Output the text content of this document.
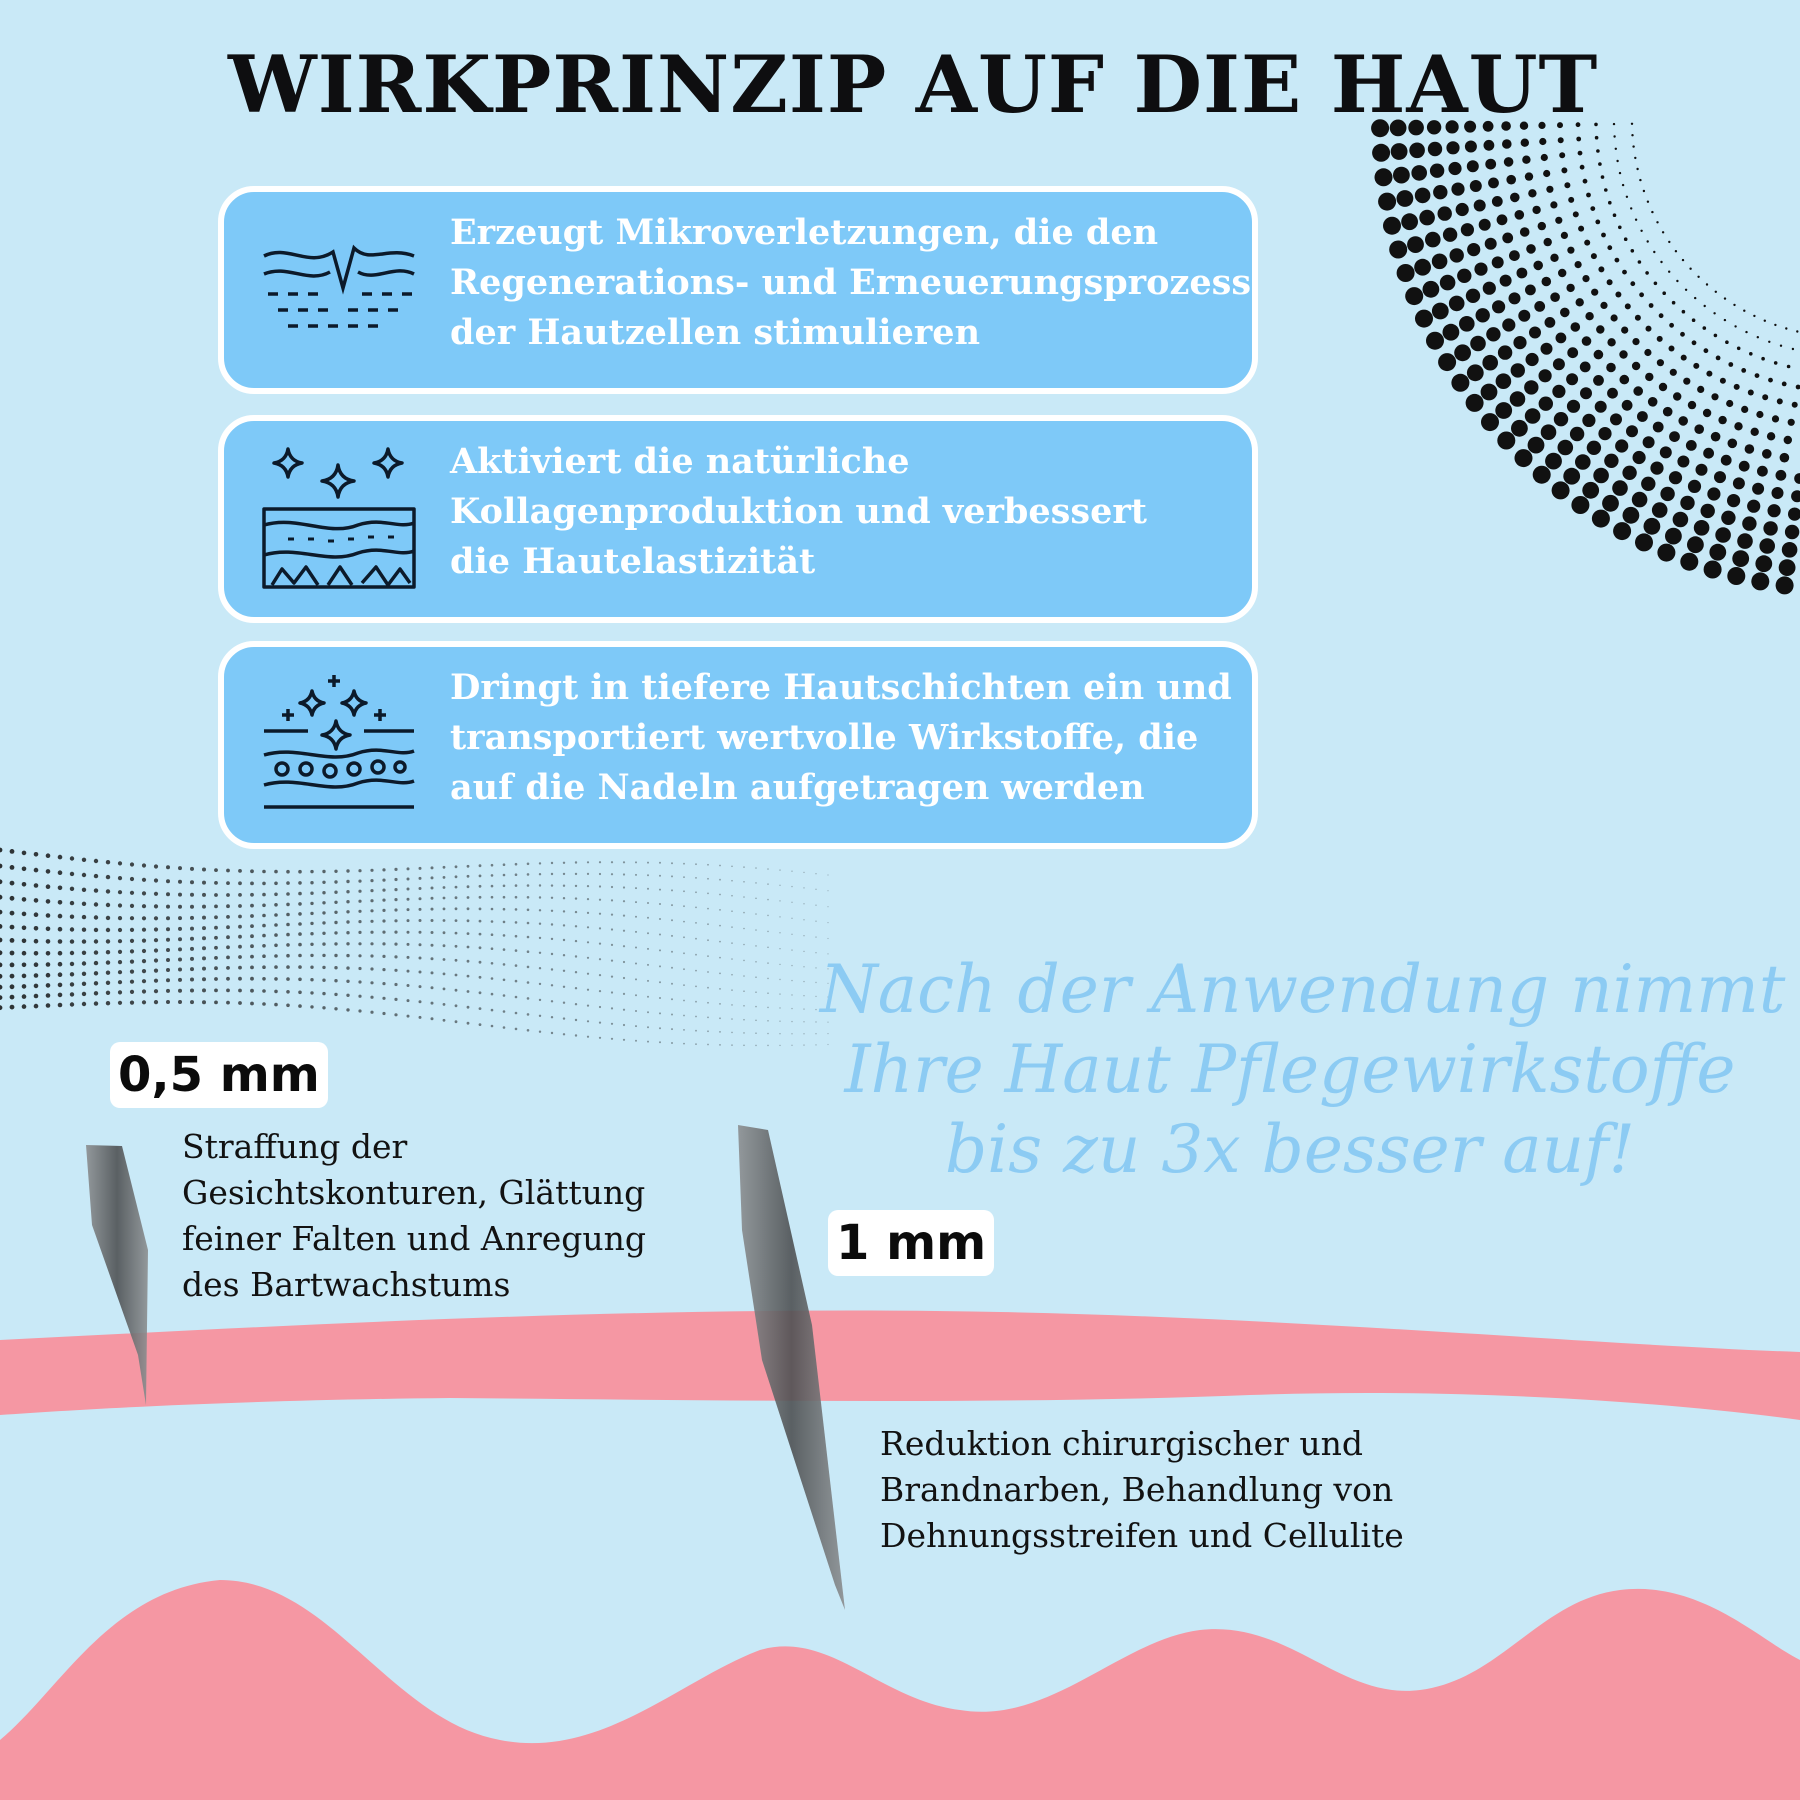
WIRKPRINZIP AUF DIE HAUT

Erzeugt Mikroverletzungen, die den
Regenerations- und Erneuerungsprozess
der Hautzellen stimulieren

Aktiviert die natürliche
Kollagenproduktion und verbessert
die Hautelastizität

Dringt in tiefere Hautschichten ein und
transportiert wertvolle Wirkstoffe, die
auf die Nadeln aufgetragen werden

Nach der Anwendung nimmt
Ihre Haut Pflegewirkstoffe
bis zu 3x besser auf!
0,5 mm

Straffung der
Gesichtskonturen, Glättung
feiner Falten und Anregung
des Bartwachstums

1 mm

Reduktion chirurgischer und
Brandnarben, Behandlung von
Dehnungsstreifen und Cellulite
